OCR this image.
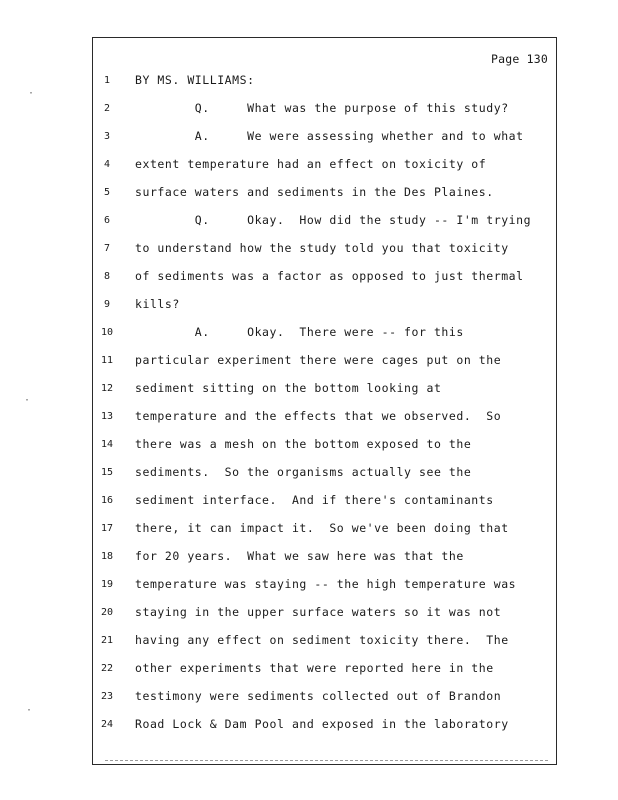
Page 130
1	BY MS. WILLIAMS:
2	Q.     What was the purpose of this study?
3	A.     We were assessing whether and to what
4	extent temperature had an effect on toxicity of
5	surface waters and sediments in the Des Plaines.
6	Q.     Okay.  How did the study -- I'm trying
7	to understand how the study told you that toxicity
8	of sediments was a factor as opposed to just thermal
9	kills?
10	A.     Okay.  There were -- for this
11	particular experiment there were cages put on the
12	sediment sitting on the bottom looking at
13	temperature and the effects that we observed.  So
14	there was a mesh on the bottom exposed to the
15	sediments.  So the organisms actually see the
16	sediment interface.  And if there's contaminants
17	there, it can impact it.  So we've been doing that
18	for 20 years.  What we saw here was that the
19	temperature was staying -- the high temperature was
20	staying in the upper surface waters so it was not
21	having any effect on sediment toxicity there.  The
22	other experiments that were reported here in the
23	testimony were sediments collected out of Brandon
24	Road Lock & Dam Pool and exposed in the laboratory
·
·
·
